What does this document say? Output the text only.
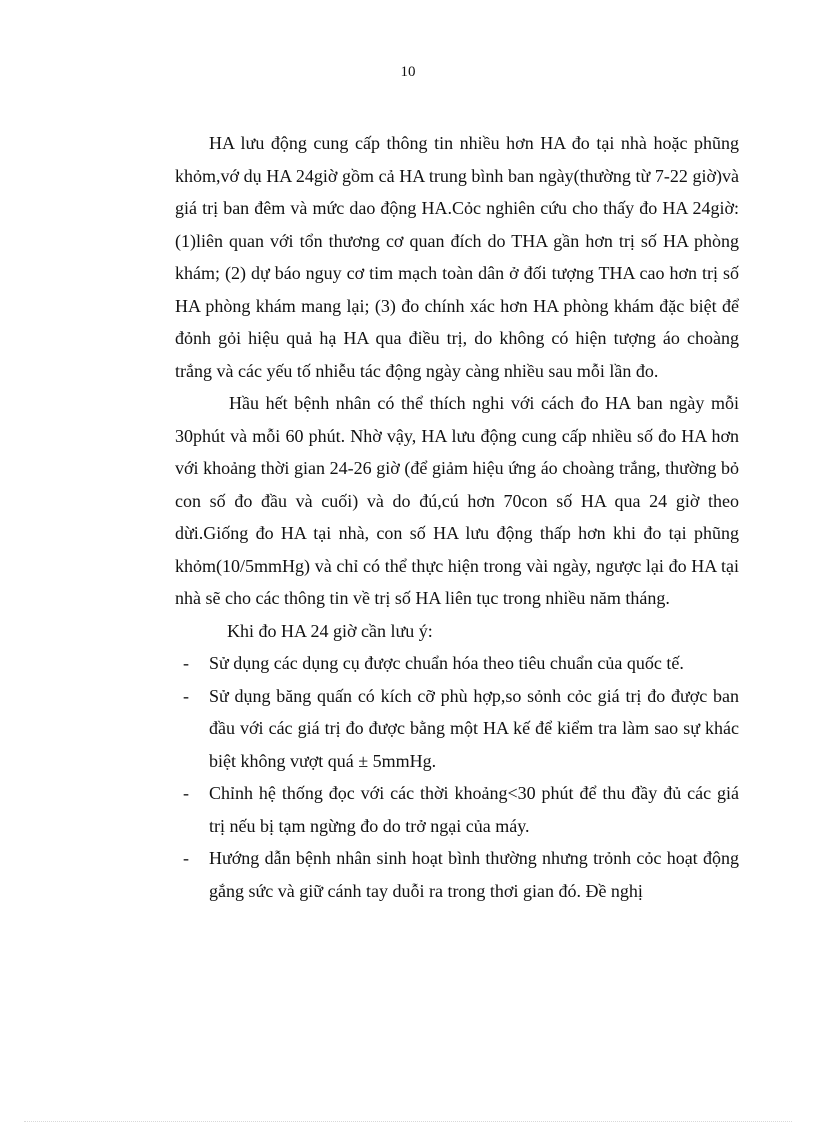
10

HA lưu động cung cấp thông tin nhiều hơn HA đo tại nhà hoặc phũng khỏm,vớ dụ HA 24giờ gồm cả HA trung bình ban ngày(thường từ 7-22 giờ)và giá trị ban đêm và mức dao động HA.Cỏc nghiên cứu cho thấy đo HA 24giờ: (1)liên quan với tổn thương cơ quan đích do THA gần hơn trị số HA phòng khám; (2) dự báo nguy cơ tim mạch toàn dân ở đối tượng THA cao hơn trị số HA phòng khám mang lại; (3) đo chính xác hơn HA phòng khám đặc biệt để đỏnh gỏi hiệu quả hạ HA qua điều trị, do không có hiện tượng áo choàng trắng và các yếu tố nhiễu tác động ngày càng nhiều sau mỗi lần đo.

Hầu hết bệnh nhân có thể thích nghi với cách đo HA ban ngày mỗi 30phút và mỗi 60 phút. Nhờ vậy, HA lưu động cung cấp nhiều số đo HA hơn với khoảng thời gian 24-26 giờ (để giảm hiệu ứng áo choàng trắng, thường bỏ con số đo đầu và cuối) và do đú,cú hơn 70con số HA qua 24 giờ theo dừi.Giống đo HA tại nhà, con số HA lưu động thấp hơn khi đo tại phũng khỏm(10/5mmHg) và chỉ có thể thực hiện trong vài ngày, ngược lại đo HA tại nhà sẽ cho các thông tin về trị số HA liên tục trong nhiều năm tháng.

Khi đo HA 24 giờ cần lưu ý:

- Sử dụng các dụng cụ được chuẩn hóa theo tiêu chuẩn của quốc tế.
- Sử dụng băng quấn có kích cỡ phù hợp,so sỏnh cỏc giá trị đo được ban đầu với các giá trị đo được bằng một HA kế để kiểm tra làm sao sự khác biệt không vượt quá ± 5mmHg.
- Chỉnh hệ thống đọc với các thời khoảng<30 phút để thu đầy đủ các giá trị nếu bị tạm ngừng đo do trở ngại của máy.
- Hướng dẫn bệnh nhân sinh hoạt bình thường nhưng trỏnh cỏc hoạt động gắng sức và giữ cánh tay duỗi ra trong thơi gian đó. Đề nghị
